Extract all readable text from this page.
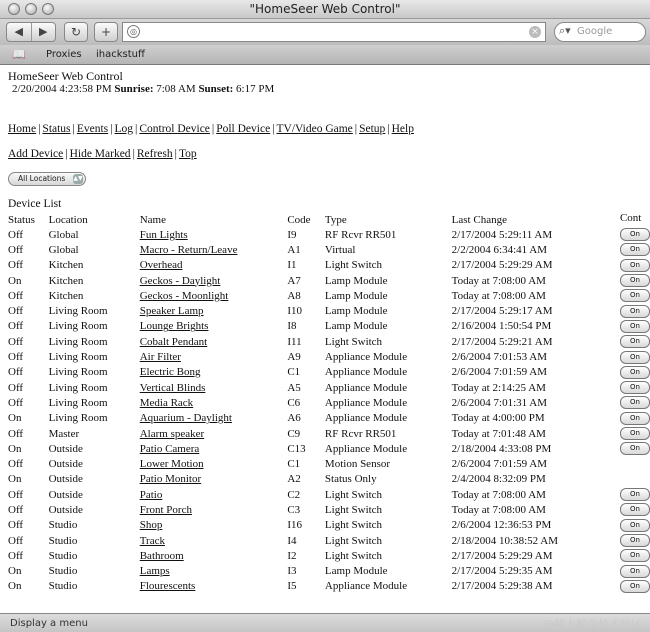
"HomeSeer Web Control"
◀	▶	↻	+	◎	× ⌕▾ Google
📖 Proxies ihackstuff
HomeSeer Web Control
2/20/2004 4:23:58 PM Sunrise: 7:08 AM Sunset: 6:17 PM
Home | Status | Events | Log | Control Device | Poll Device | TV/Video Game | Setup | Help
Add Device | Hide Marked | Refresh | Top
All Locations ▲▼
Device List
Status	Location	Name	Code	Type	Last Change	Cont
Off	Global	Fun Lights	I9	RF Rcvr RR501	2/17/2004 5:29:11 AM	On
Off	Global	Macro - Return/Leave	A1	Virtual	2/2/2004 6:34:41 AM	On
Off	Kitchen	Overhead	I1	Light Switch	2/17/2004 5:29:29 AM	On
On	Kitchen	Geckos - Daylight	A7	Lamp Module	Today at 7:08:00 AM	On
Off	Kitchen	Geckos - Moonlight	A8	Lamp Module	Today at 7:08:00 AM	On
Off	Living Room	Speaker Lamp	I10	Lamp Module	2/17/2004 5:29:17 AM	On
Off	Living Room	Lounge Brights	I8	Lamp Module	2/16/2004 1:50:54 PM	On
Off	Living Room	Cobalt Pendant	I11	Light Switch	2/17/2004 5:29:21 AM	On
Off	Living Room	Air Filter	A9	Appliance Module	2/6/2004 7:01:53 AM	On
Off	Living Room	Electric Bong	C1	Appliance Module	2/6/2004 7:01:59 AM	On
Off	Living Room	Vertical Blinds	A5	Appliance Module	Today at 2:14:25 AM	On
Off	Living Room	Media Rack	C6	Appliance Module	2/6/2004 7:01:31 AM	On
On	Living Room	Aquarium - Daylight	A6	Appliance Module	Today at 4:00:00 PM	On
Off	Master	Alarm speaker	C9	RF Rcvr RR501	Today at 7:01:48 AM	On
On	Outside	Patio Camera	C13	Appliance Module	2/18/2004 4:33:08 PM	On
Off	Outside	Lower Motion	C1	Motion Sensor	2/6/2004 7:01:59 AM	
On	Outside	Patio Monitor	A2	Status Only	2/4/2004 8:32:09 PM	
Off	Outside	Patio	C2	Light Switch	Today at 7:08:00 AM	On
Off	Outside	Front Porch	C3	Light Switch	Today at 7:08:00 AM	On
Off	Studio	Shop	I16	Light Switch	2/6/2004 12:36:53 PM	On
Off	Studio	Track	I4	Light Switch	2/18/2004 10:38:52 AM	On
Off	Studio	Bathroom	I2	Light Switch	2/17/2004 5:29:29 AM	On
On	Studio	Lamps	I3	Lamp Module	2/17/2004 5:29:35 AM	On
On	Studio	Flourescents	I5	Appliance Module	2/17/2004 5:29:38 AM	On
Display a menu	@稀土掘金技术社区
